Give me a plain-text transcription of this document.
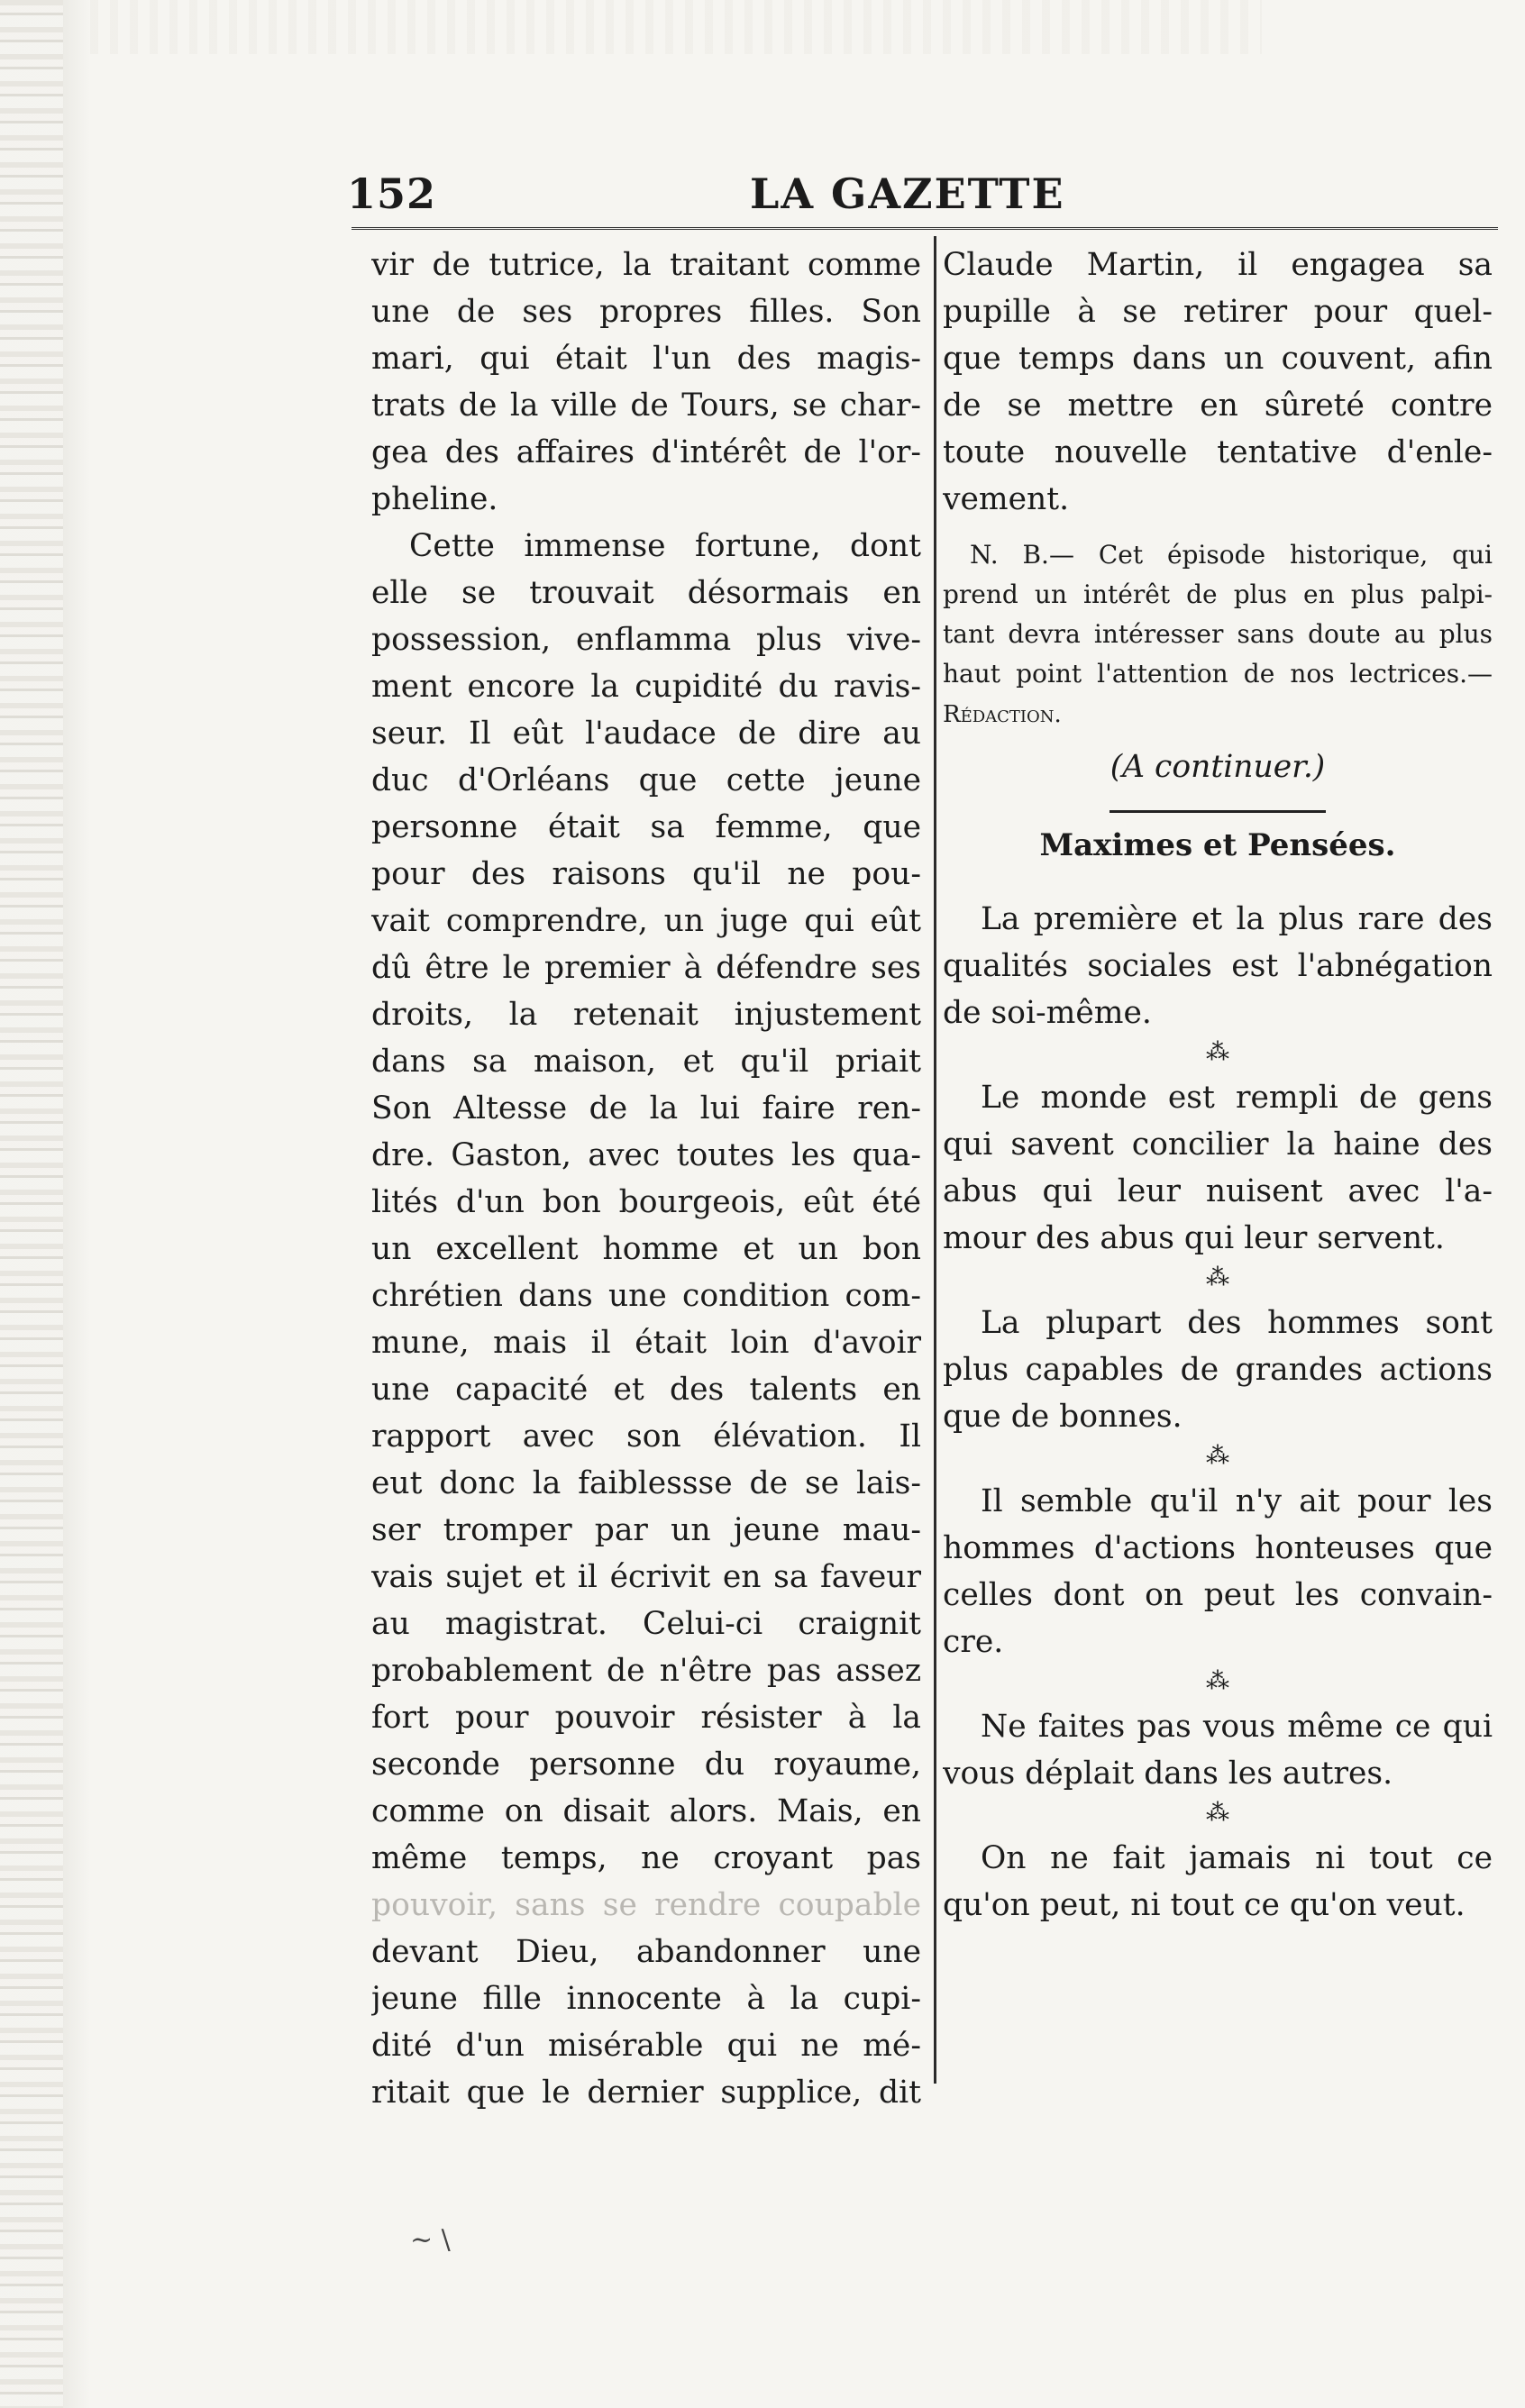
152	LA GAZETTE
vir de tutrice, la traitant comme
une de ses propres filles. Son
mari, qui était l'un des magis-
trats de la ville de Tours, se char-
gea des affaires d'intérêt de l'or-
pheline.
Cette immense fortune, dont
elle se trouvait désormais en
possession, enflamma plus vive-
ment encore la cupidité du ravis-
seur. Il eût l'audace de dire au
duc d'Orléans que cette jeune
personne était sa femme, que
pour des raisons qu'il ne pou-
vait comprendre, un juge qui eût
dû être le premier à défendre ses
droits, la retenait injustement
dans sa maison, et qu'il priait
Son Altesse de la lui faire ren-
dre. Gaston, avec toutes les qua-
lités d'un bon bourgeois, eût été
un excellent homme et un bon
chrétien dans une condition com-
mune, mais il était loin d'avoir
une capacité et des talents en
rapport avec son élévation. Il
eut donc la faiblessse de se lais-
ser tromper par un jeune mau-
vais sujet et il écrivit en sa faveur
au magistrat. Celui-ci craignit
probablement de n'être pas assez
fort pour pouvoir résister à la
seconde personne du royaume,
comme on disait alors. Mais, en
même temps, ne croyant pas
pouvoir, sans se rendre coupable
devant Dieu, abandonner une
jeune fille innocente à la cupi-
dité d'un misérable qui ne mé-
ritait que le dernier supplice, dit
Claude Martin, il engagea sa
pupille à se retirer pour quel-
que temps dans un couvent, afin
de se mettre en sûreté contre
toute nouvelle tentative d'enle-
vement.
N. B.— Cet épisode historique, qui
prend un intérêt de plus en plus palpi-
tant devra intéresser sans doute au plus
haut point l'attention de nos lectrices.—
Rédaction.
(A continuer.)
Maximes et Pensées.
La première et la plus rare des
qualités sociales est l'abnégation
de soi-même.
⁂
Le monde est rempli de gens
qui savent concilier la haine des
abus qui leur nuisent avec l'a-
mour des abus qui leur servent.
⁂
La plupart des hommes sont
plus capables de grandes actions
que de bonnes.
⁂
Il semble qu'il n'y ait pour les
hommes d'actions honteuses que
celles dont on peut les convain-
cre.
⁂
Ne faites pas vous même ce qui
vous déplait dans les autres.
⁂
On ne fait jamais ni tout ce
qu'on peut, ni tout ce qu'on veut.
~ \
